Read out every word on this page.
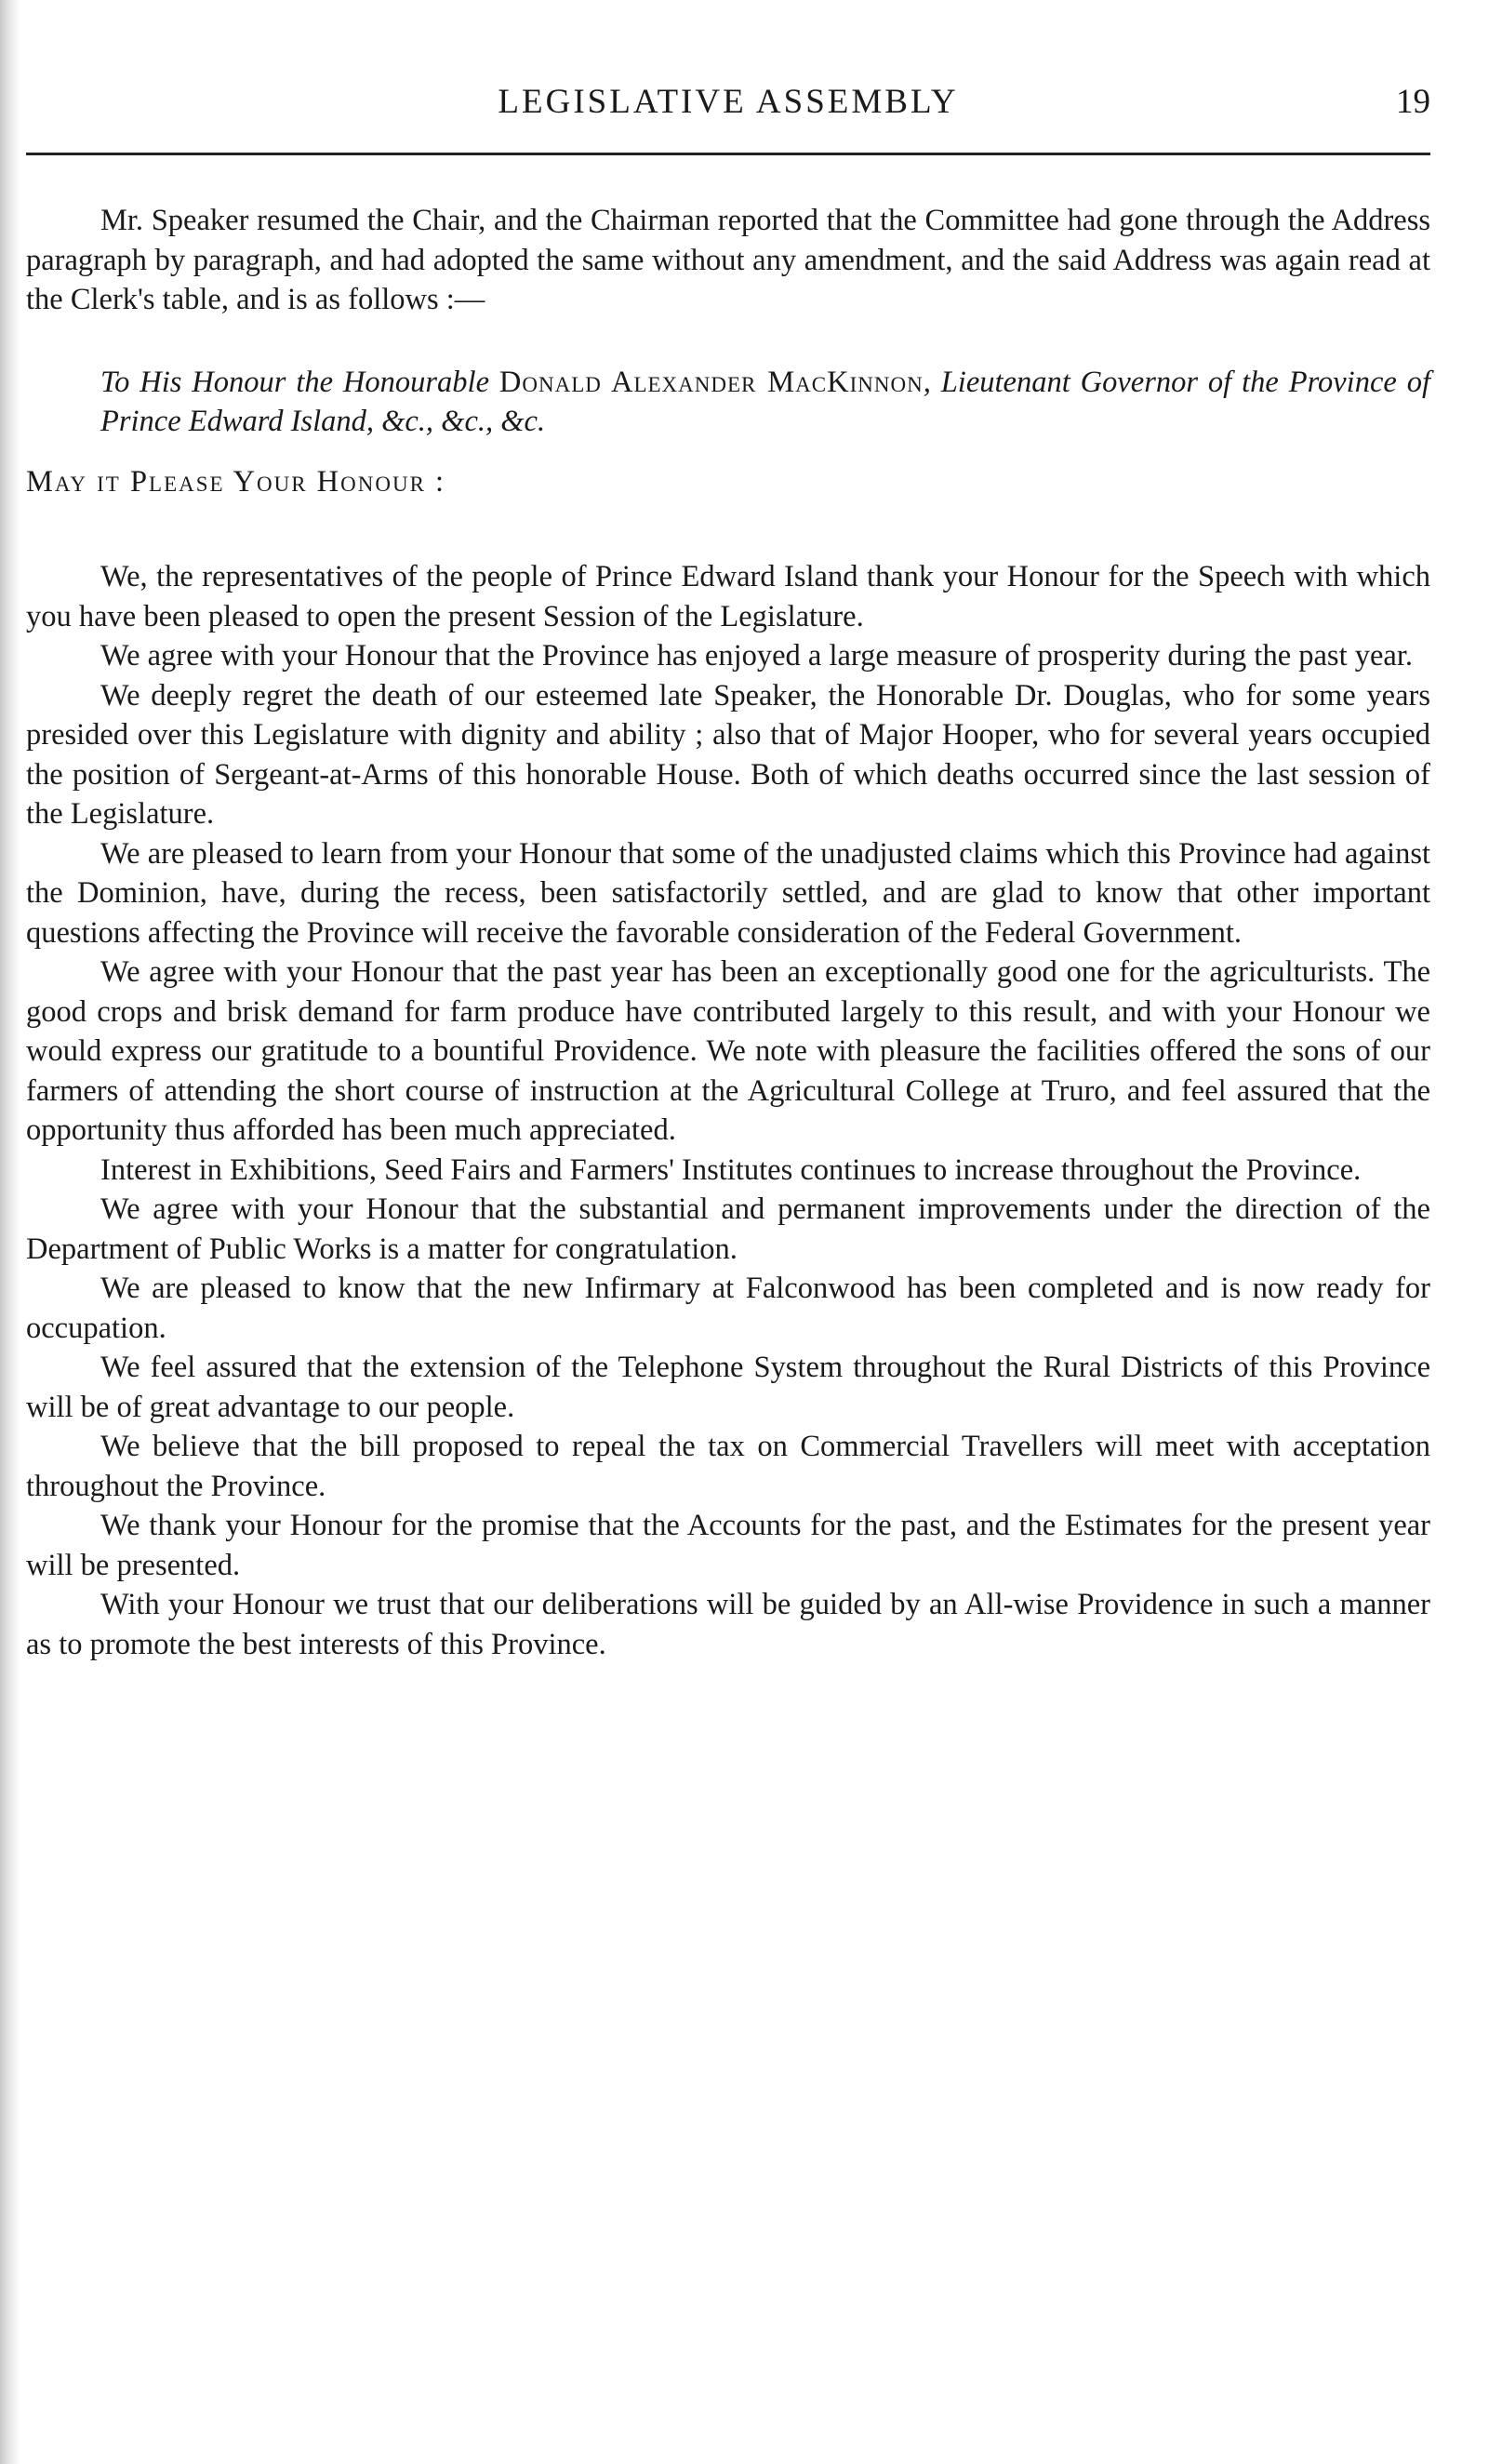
LEGISLATIVE ASSEMBLY	19

Mr. Speaker resumed the Chair, and the Chairman reported that the Committee had gone through the Address paragraph by paragraph, and had adopted the same without any amendment, and the said Address was again read at the Clerk's table, and is as follows :—

To His Honour the Honourable Donald Alexander MacKinnon, Lieutenant Governor of the Province of Prince Edward Island, &c., &c., &c.

May it Please Your Honour :

We, the representatives of the people of Prince Edward Island thank your Honour for the Speech with which you have been pleased to open the present Session of the Legislature.

We agree with your Honour that the Province has enjoyed a large measure of prosperity during the past year.

We deeply regret the death of our esteemed late Speaker, the Honorable Dr. Douglas, who for some years presided over this Legislature with dignity and ability ; also that of Major Hooper, who for several years occupied the position of Sergeant-at-Arms of this honorable House. Both of which deaths occurred since the last session of the Legislature.

We are pleased to learn from your Honour that some of the unadjusted claims which this Province had against the Dominion, have, during the recess, been satisfactorily settled, and are glad to know that other important questions affecting the Province will receive the favorable consideration of the Federal Government.

We agree with your Honour that the past year has been an exceptionally good one for the agriculturists. The good crops and brisk demand for farm produce have contributed largely to this result, and with your Honour we would express our gratitude to a bountiful Providence. We note with pleasure the facilities offered the sons of our farmers of attending the short course of instruction at the Agricultural College at Truro, and feel assured that the opportunity thus afforded has been much appreciated.

Interest in Exhibitions, Seed Fairs and Farmers' Institutes continues to increase throughout the Province.

We agree with your Honour that the substantial and permanent improvements under the direction of the Department of Public Works is a matter for congratulation.

We are pleased to know that the new Infirmary at Falconwood has been completed and is now ready for occupation.

We feel assured that the extension of the Telephone System throughout the Rural Districts of this Province will be of great advantage to our people.

We believe that the bill proposed to repeal the tax on Commercial Travellers will meet with acceptation throughout the Province.

We thank your Honour for the promise that the Accounts for the past, and the Estimates for the present year will be presented.

With your Honour we trust that our deliberations will be guided by an All-wise Providence in such a manner as to promote the best interests of this Province.
